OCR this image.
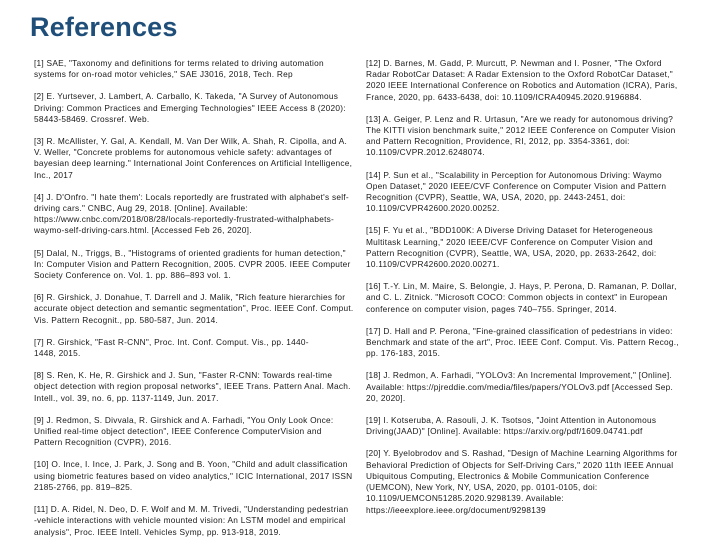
References

[1] SAE, "Taxonomy and definitions for terms related to driving automation
systems for on-road motor vehicles," SAE J3016, 2018, Tech. Rep

[2] E. Yurtsever, J. Lambert, A. Carballo, K. Takeda, "A Survey of Autonomous
Driving: Common Practices and Emerging Technologies" IEEE Access 8 (2020):
58443-58469. Crossref. Web.

[3] R. McAllister, Y. Gal, A. Kendall, M. Van Der Wilk, A. Shah, R. Cipolla, and A.
V. Weller, "Concrete problems for autonomous vehicle safety: advantages of
bayesian deep learning." International Joint Conferences on Artificial Intelligence,
Inc., 2017

[4] J. D'Onfro. "I hate them': Locals reportedly are frustrated with alphabet's self-
driving cars." CNBC, Aug 29, 2018. [Online]. Available:
https://www.cnbc.com/2018/08/28/locals-reportedly-frustrated-withalphabets-
waymo-self-driving-cars.html. [Accessed Feb 26, 2020].

[5] Dalal, N., Triggs, B., "Histograms of oriented gradients for human detection,"
In: Computer Vision and Pattern Recognition, 2005. CVPR 2005. IEEE Computer
Society Conference on. Vol. 1. pp. 886–893 vol. 1.

[6] R. Girshick, J. Donahue, T. Darrell and J. Malik, "Rich feature hierarchies for
accurate object detection and semantic segmentation", Proc. IEEE Conf. Comput.
Vis. Pattern Recognit., pp. 580-587, Jun. 2014.

[7] R. Girshick, "Fast R-CNN", Proc. Int. Conf. Comput. Vis., pp. 1440-
1448, 2015.

[8] S. Ren, K. He, R. Girshick and J. Sun, "Faster R-CNN: Towards real-time
object detection with region proposal networks", IEEE Trans. Pattern Anal. Mach.
Intell., vol. 39, no. 6, pp. 1137-1149, Jun. 2017.

[9] J. Redmon, S. Divvala, R. Girshick and A. Farhadi, "You Only Look Once:
Unified real-time object detection", IEEE Conference ComputerVision and
Pattern Recognition (CVPR), 2016.

[10] O. Ince, I. Ince, J. Park, J. Song and B. Yoon, "Child and adult classification
using biometric features based on video analytics," ICIC International, 2017 ISSN
2185-2766, pp. 819–825.

[11] D. A. Ridel, N. Deo, D. F. Wolf and M. M. Trivedi, "Understanding pedestrian
-vehicle interactions with vehicle mounted vision: An LSTM model and empirical
analysis", Proc. IEEE Intell. Vehicles Symp, pp. 913-918, 2019.

[12] D. Barnes, M. Gadd, P. Murcutt, P. Newman and I. Posner, "The Oxford
Radar RobotCar Dataset: A Radar Extension to the Oxford RobotCar Dataset,"
2020 IEEE International Conference on Robotics and Automation (ICRA), Paris,
France, 2020, pp. 6433-6438, doi: 10.1109/ICRA40945.2020.9196884.

[13] A. Geiger, P. Lenz and R. Urtasun, "Are we ready for autonomous driving?
The KITTI vision benchmark suite," 2012 IEEE Conference on Computer Vision
and Pattern Recognition, Providence, RI, 2012, pp. 3354-3361, doi:
10.1109/CVPR.2012.6248074.

[14] P. Sun et al., "Scalability in Perception for Autonomous Driving: Waymo
Open Dataset," 2020 IEEE/CVF Conference on Computer Vision and Pattern
Recognition (CVPR), Seattle, WA, USA, 2020, pp. 2443-2451, doi:
10.1109/CVPR42600.2020.00252.

[15] F. Yu et al., "BDD100K: A Diverse Driving Dataset for Heterogeneous
Multitask Learning," 2020 IEEE/CVF Conference on Computer Vision and
Pattern Recognition (CVPR), Seattle, WA, USA, 2020, pp. 2633-2642, doi:
10.1109/CVPR42600.2020.00271.

[16] T.-Y. Lin, M. Maire, S. Belongie, J. Hays, P. Perona, D. Ramanan, P. Dollar,
and C. L. Zitnick. "Microsoft COCO: Common objects in context" in European
conference on computer vision, pages 740–755. Springer, 2014.

[17] D. Hall and P. Perona, "Fine-grained classification of pedestrians in video:
Benchmark and state of the art", Proc. IEEE Conf. Comput. Vis. Pattern Recog.,
pp. 176-183, 2015.

[18] J. Redmon, A. Farhadi, "YOLOv3: An Incremental Improvement," [Online].
Available: https://pjreddie.com/media/files/papers/YOLOv3.pdf [Accessed Sep.
20, 2020].

[19] I. Kotseruba, A. Rasouli, J. K. Tsotsos, "Joint Attention in Autonomous
Driving(JAAD)" [Online]. Available: https://arxiv.org/pdf/1609.04741.pdf

[20] Y. Byelobrodov and S. Rashad, "Design of Machine Learning Algorithms for
Behavioral Prediction of Objects for Self-Driving Cars," 2020 11th IEEE Annual
Ubiquitous Computing, Electronics & Mobile Communication Conference
(UEMCON), New York, NY, USA, 2020, pp. 0101-0105, doi:
10.1109/UEMCON51285.2020.9298139. Available:
https://ieeexplore.ieee.org/document/9298139
